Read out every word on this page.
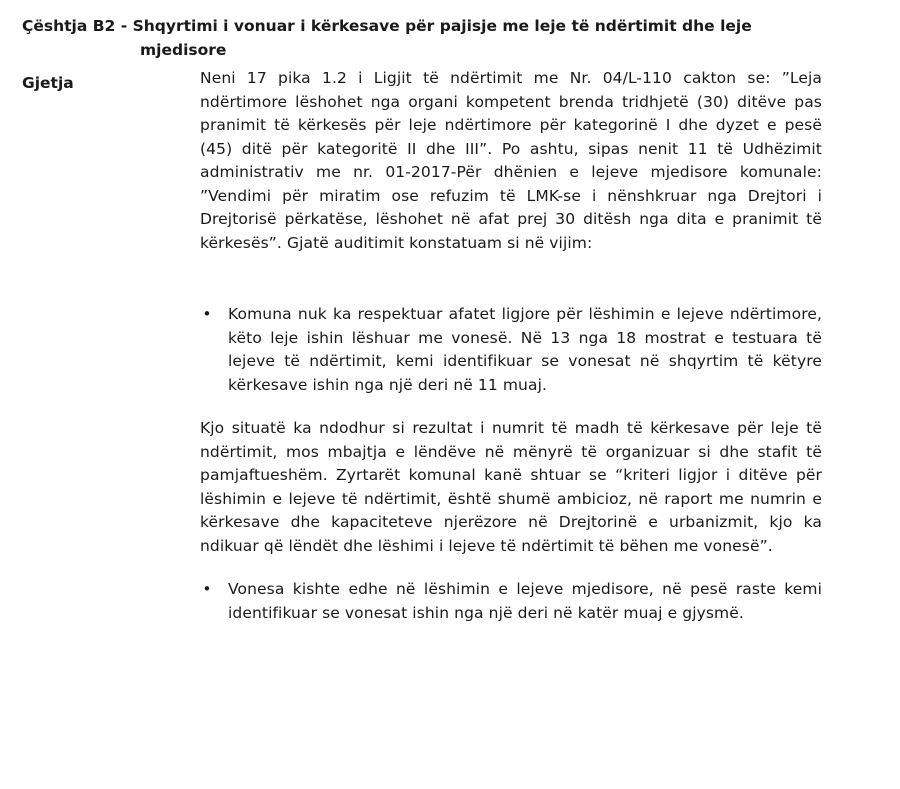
Çështja B2 - Shqyrtimi i vonuar i kërkesave për pajisje me leje të ndërtimit dhe leje
mjedisore
Gjetja	Neni 17 pika 1.2 i Ligjit të ndërtimit me Nr. 04/L-110 cakton se: ”Leja ndërtimore lëshohet nga organi kompetent brenda tridhjetë (30) ditëve pas pranimit të kërkesës për leje ndërtimore për kategorinë I dhe dyzet e pesë (45) ditë për kategoritë II dhe III”. Po ashtu, sipas nenit 11 të Udhëzimit administrativ me nr. 01-2017-Për dhënien e lejeve mjedisore komunale: ”Vendimi për miratim ose refuzim të LMK-se i nënshkruar nga Drejtori i Drejtorisë përkatëse, lëshohet në afat prej 30 ditësh nga dita e pranimit të kërkesës”. Gjatë auditimit konstatuam si në vijim:

• Komuna nuk ka respektuar afatet ligjore për lëshimin e lejeve ndërtimore, këto leje ishin lëshuar me vonesë. Në 13 nga 18 mostrat e testuara të lejeve të ndërtimit, kemi identifikuar se vonesat në shqyrtim të këtyre kërkesave ishin nga një deri në 11 muaj.

Kjo situatë ka ndodhur si rezultat i numrit të madh të kërkesave për leje të ndërtimit, mos mbajtja e lëndëve në mënyrë të organizuar si dhe stafit të pamjaftueshëm. Zyrtarët komunal kanë shtuar se “kriteri ligjor i ditëve për lëshimin e lejeve të ndërtimit, është shumë ambicioz, në raport me numrin e kërkesave dhe kapaciteteve njerëzore në Drejtorinë e urbanizmit, kjo ka ndikuar që lëndët dhe lëshimi i lejeve të ndërtimit të bëhen me vonesë”.

• Vonesa kishte edhe në lëshimin e lejeve mjedisore, në pesë raste kemi identifikuar se vonesat ishin nga një deri në katër muaj e gjysmë.
